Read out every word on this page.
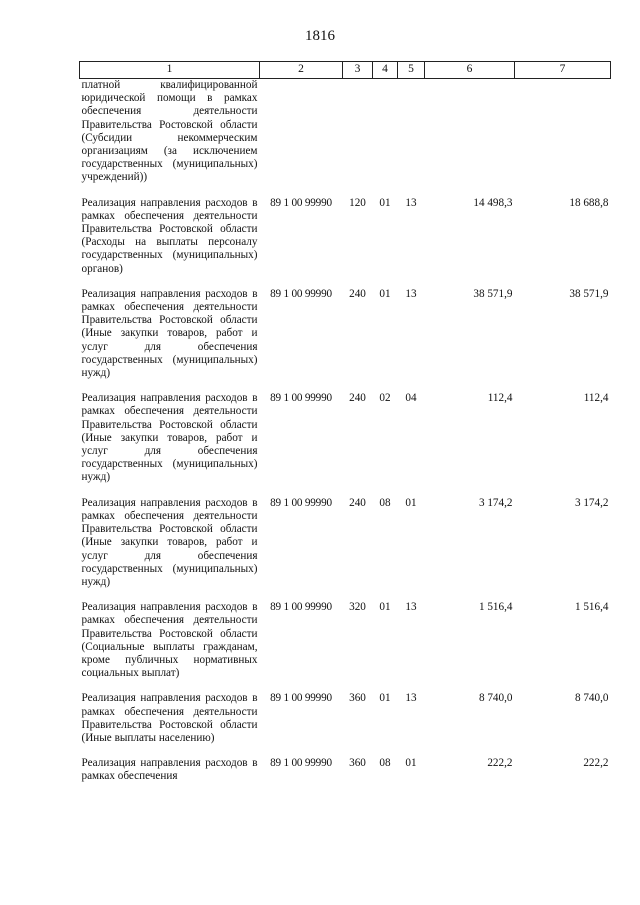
1816
1	2	3	4	5	6	7
платной квалифицированной юридической помощи в рамках обеспечения деятельности Правительства Ростовской области (Субсидии некоммерческим организациям (за исключением государственных (муниципальных) учреждений))						
Реализация направления расходов в рамках обеспечения деятельности Правительства Ростовской области (Расходы на выплаты персоналу государственных (муниципальных) органов)	89 1 00 99990	120	01	13	14 498,3	18 688,8
Реализация направления расходов в рамках обеспечения деятельности Правительства Ростовской области (Иные закупки товаров, работ и услуг для обеспечения государственных (муниципальных) нужд)	89 1 00 99990	240	01	13	38 571,9	38 571,9
Реализация направления расходов в рамках обеспечения деятельности Правительства Ростовской области (Иные закупки товаров, работ и услуг для обеспечения государственных (муниципальных) нужд)	89 1 00 99990	240	02	04	112,4	112,4
Реализация направления расходов в рамках обеспечения деятельности Правительства Ростовской области (Иные закупки товаров, работ и услуг для обеспечения государственных (муниципальных) нужд)	89 1 00 99990	240	08	01	3 174,2	3 174,2
Реализация направления расходов в рамках обеспечения деятельности Правительства Ростовской области (Социальные выплаты гражданам, кроме публичных нормативных социальных выплат)	89 1 00 99990	320	01	13	1 516,4	1 516,4
Реализация направления расходов в рамках обеспечения деятельности Правительства Ростовской области (Иные выплаты населению)	89 1 00 99990	360	01	13	8 740,0	8 740,0
Реализация направления расходов в рамках обеспечения	89 1 00 99990	360	08	01	222,2	222,2
